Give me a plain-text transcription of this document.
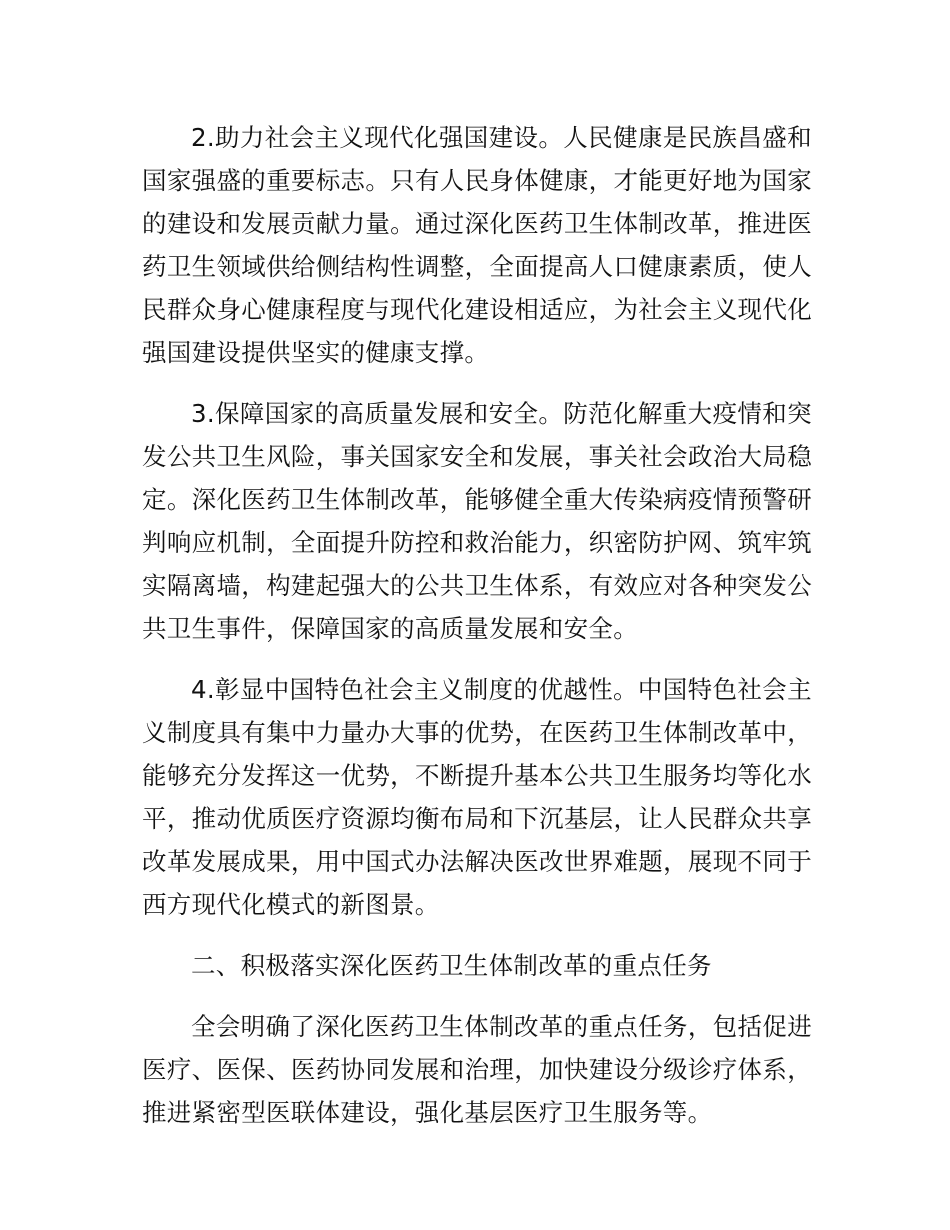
2.助力社会主义现代化强国建设。人民健康是民族昌盛和国家强盛的重要标志。只有人民身体健康，才能更好地为国家的建设和发展贡献力量。通过深化医药卫生体制改革，推进医药卫生领域供给侧结构性调整，全面提高人口健康素质，使人民群众身心健康程度与现代化建设相适应，为社会主义现代化强国建设提供坚实的健康支撑。

3.保障国家的高质量发展和安全。防范化解重大疫情和突发公共卫生风险，事关国家安全和发展，事关社会政治大局稳定。深化医药卫生体制改革，能够健全重大传染病疫情预警研判响应机制，全面提升防控和救治能力，织密防护网、筑牢筑实隔离墙，构建起强大的公共卫生体系，有效应对各种突发公共卫生事件，保障国家的高质量发展和安全。

4.彰显中国特色社会主义制度的优越性。中国特色社会主义制度具有集中力量办大事的优势，在医药卫生体制改革中，能够充分发挥这一优势，不断提升基本公共卫生服务均等化水平，推动优质医疗资源均衡布局和下沉基层，让人民群众共享改革发展成果，用中国式办法解决医改世界难题，展现不同于西方现代化模式的新图景。

二、积极落实深化医药卫生体制改革的重点任务

全会明确了深化医药卫生体制改革的重点任务，包括促进医疗、医保、医药协同发展和治理，加快建设分级诊疗体系，推进紧密型医联体建设，强化基层医疗卫生服务等。
